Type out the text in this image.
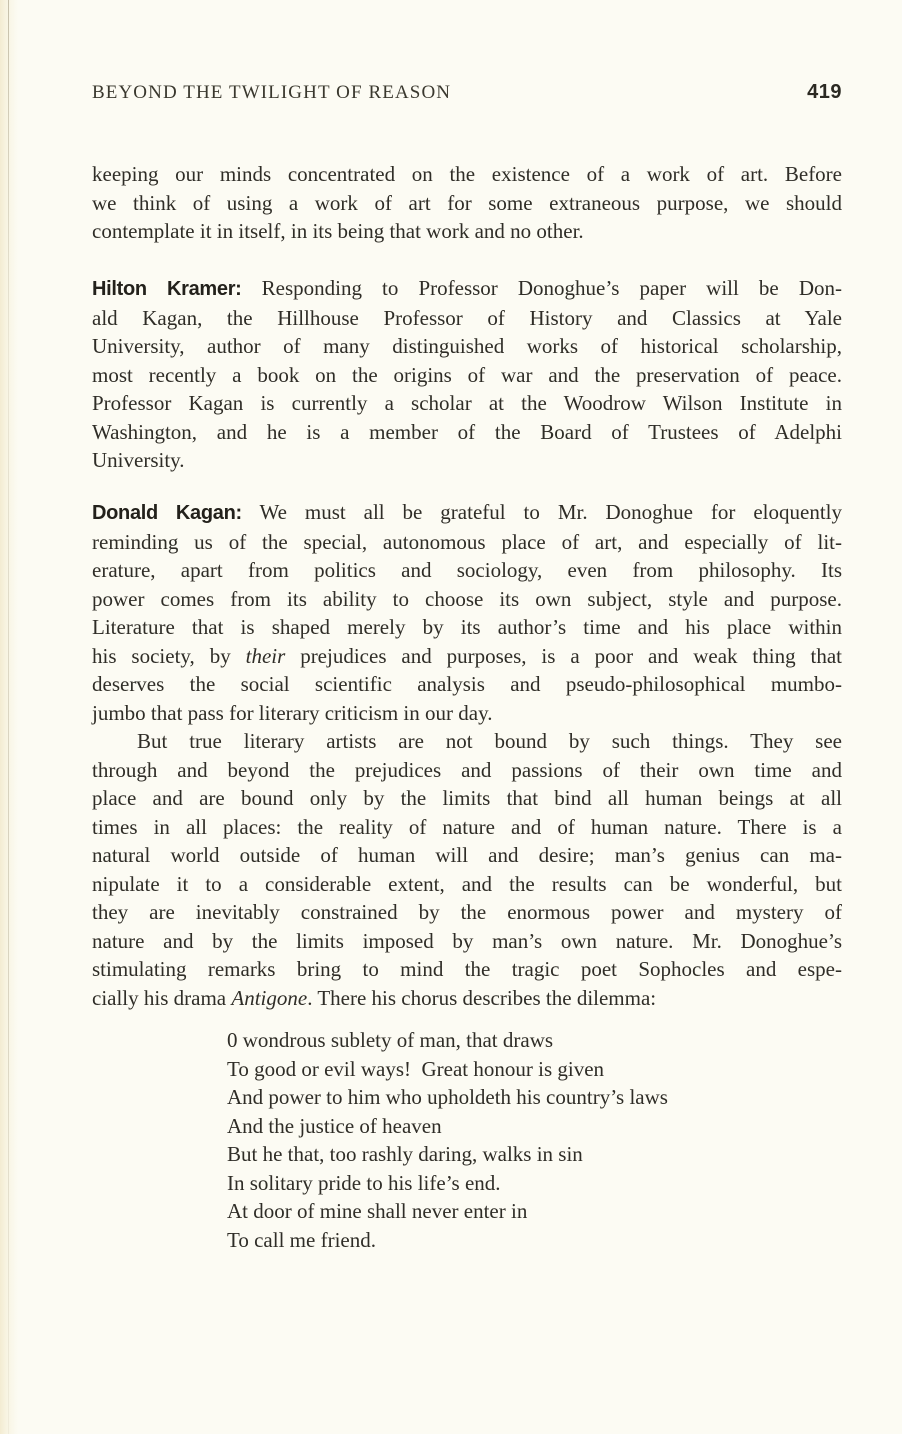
BEYOND THE TWILIGHT OF REASON	419
keeping our minds concentrated on the existence of a work of art. Before
we think of using a work of art for some extraneous purpose, we should
contemplate it in itself, in its being that work and no other.
Hilton Kramer: Responding to Professor Donoghue’s paper will be Don-
ald Kagan, the Hillhouse Professor of History and Classics at Yale
University, author of many distinguished works of historical scholarship,
most recently a book on the origins of war and the preservation of peace.
Professor Kagan is currently a scholar at the Woodrow Wilson Institute in
Washington, and he is a member of the Board of Trustees of Adelphi
University.
Donald Kagan: We must all be grateful to Mr. Donoghue for eloquently
reminding us of the special, autonomous place of art, and especially of lit-
erature, apart from politics and sociology, even from philosophy. Its
power comes from its ability to choose its own subject, style and purpose.
Literature that is shaped merely by its author’s time and his place within
his society, by their prejudices and purposes, is a poor and weak thing that
deserves the social scientific analysis and pseudo-philosophical mumbo-
jumbo that pass for literary criticism in our day.
But true literary artists are not bound by such things. They see
through and beyond the prejudices and passions of their own time and
place and are bound only by the limits that bind all human beings at all
times in all places: the reality of nature and of human nature. There is a
natural world outside of human will and desire; man’s genius can ma-
nipulate it to a considerable extent, and the results can be wonderful, but
they are inevitably constrained by the enormous power and mystery of
nature and by the limits imposed by man’s own nature. Mr. Donoghue’s
stimulating remarks bring to mind the tragic poet Sophocles and espe-
cially his drama Antigone. There his chorus describes the dilemma:
0 wondrous sublety of man, that draws
To good or evil ways!  Great honour is given
And power to him who upholdeth his country’s laws
And the justice of heaven
But he that, too rashly daring, walks in sin
In solitary pride to his life’s end.
At door of mine shall never enter in
To call me friend.
